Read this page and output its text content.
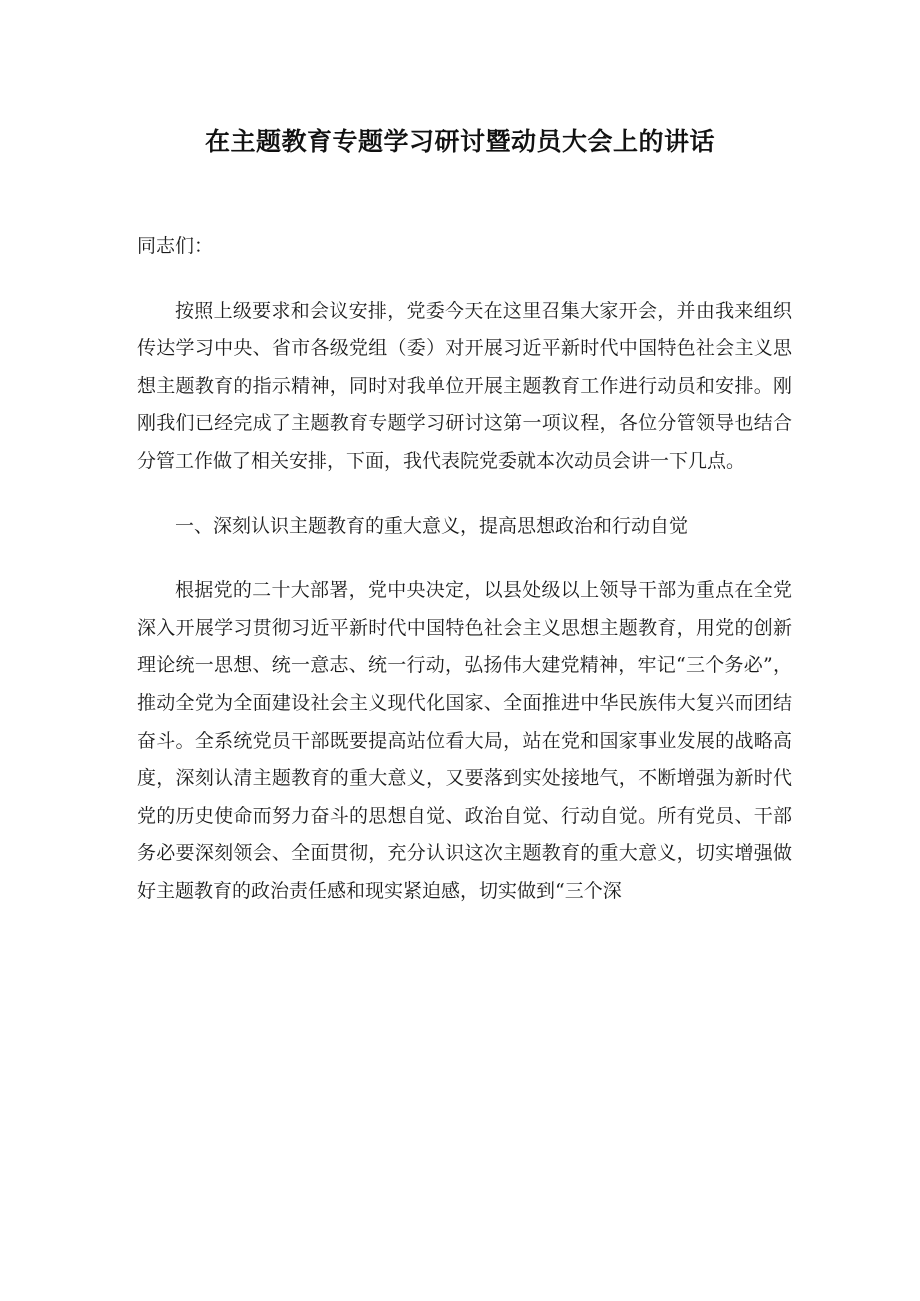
在主题教育专题学习研讨暨动员大会上的讲话

同志们：

按照上级要求和会议安排，党委今天在这里召集大家开会，并由我来组织传达学习中央、省市各级党组（委）对开展习近平新时代中国特色社会主义思想主题教育的指示精神，同时对我单位开展主题教育工作进行动员和安排。刚刚我们已经完成了主题教育专题学习研讨这第一项议程，各位分管领导也结合分管工作做了相关安排，下面，我代表院党委就本次动员会讲一下几点。

一、深刻认识主题教育的重大意义，提高思想政治和行动自觉

根据党的二十大部署，党中央决定，以县处级以上领导干部为重点在全党深入开展学习贯彻习近平新时代中国特色社会主义思想主题教育，用党的创新理论统一思想、统一意志、统一行动，弘扬伟大建党精神，牢记“三个务必”，推动全党为全面建设社会主义现代化国家、全面推进中华民族伟大复兴而团结奋斗。全系统党员干部既要提高站位看大局，站在党和国家事业发展的战略高度，深刻认清主题教育的重大意义，又要落到实处接地气，不断增强为新时代党的历史使命而努力奋斗的思想自觉、政治自觉、行动自觉。所有党员、干部务必要深刻领会、全面贯彻，充分认识这次主题教育的重大意义，切实增强做好主题教育的政治责任感和现实紧迫感，切实做到“三个深
